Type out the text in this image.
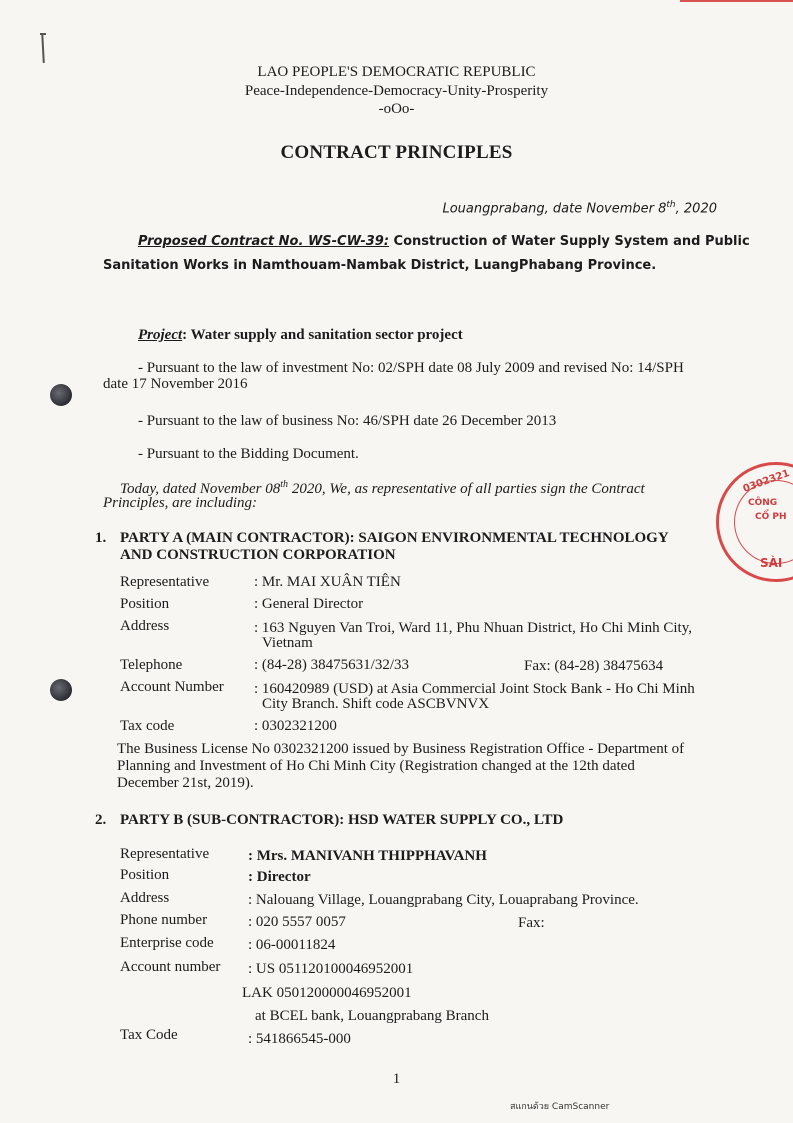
0302321
CÔNG
CỔ PH
SÀI
LAO PEOPLE'S DEMOCRATIC REPUBLIC
Peace-Independence-Democracy-Unity-Prosperity
-oOo-
CONTRACT PRINCIPLES
Louangprabang, date November 8th, 2020
Proposed Contract No. WS-CW-39: Construction of Water Supply System and Public
Sanitation Works in Namthouam-Nambak District, LuangPhabang Province.
Project: Water supply and sanitation sector project
- Pursuant to the law of investment No: 02/SPH date 08 July 2009 and revised No: 14/SPH
date 17 November 2016
- Pursuant to the law of business No: 46/SPH date 26 December 2013
- Pursuant to the Bidding Document.
Today, dated November 08th 2020, We, as representative of all parties sign the Contract
Principles, are including:
1. PARTY A (MAIN CONTRACTOR): SAIGON ENVIRONMENTAL TECHNOLOGY
AND CONSTRUCTION CORPORATION
Representative	: Mr. MAI XUÂN TIÊN
Position	: General Director
Address	: 163 Nguyen Van Troi, Ward 11, Phu Nhuan District, Ho Chi Minh City,
Vietnam
Telephone	: (84-28) 38475631/32/33	Fax: (84-28) 38475634
Account Number : 160420989 (USD) at Asia Commercial Joint Stock Bank - Ho Chi Minh
City Branch. Shift code ASCBVNVX
Tax code	: 0302321200
The Business License No 0302321200 issued by Business Registration Office - Department of
Planning and Investment of Ho Chi Minh City (Registration changed at the 12th dated
December 21st, 2019).
2. PARTY B (SUB-CONTRACTOR): HSD WATER SUPPLY CO., LTD
Representative	: Mrs. MANIVANH THIPPHAVANH
Position	: Director
Address	: Nalouang Village, Louangprabang City, Louaprabang Province.
Phone number	: 020 5557 0057	Fax:
Enterprise code : 06-00011824
Account number : US 051120100046952001
LAK 050120000046952001
at BCEL bank, Louangprabang Branch
Tax Code	: 541866545-000
1
สแกนด้วย CamScanner
